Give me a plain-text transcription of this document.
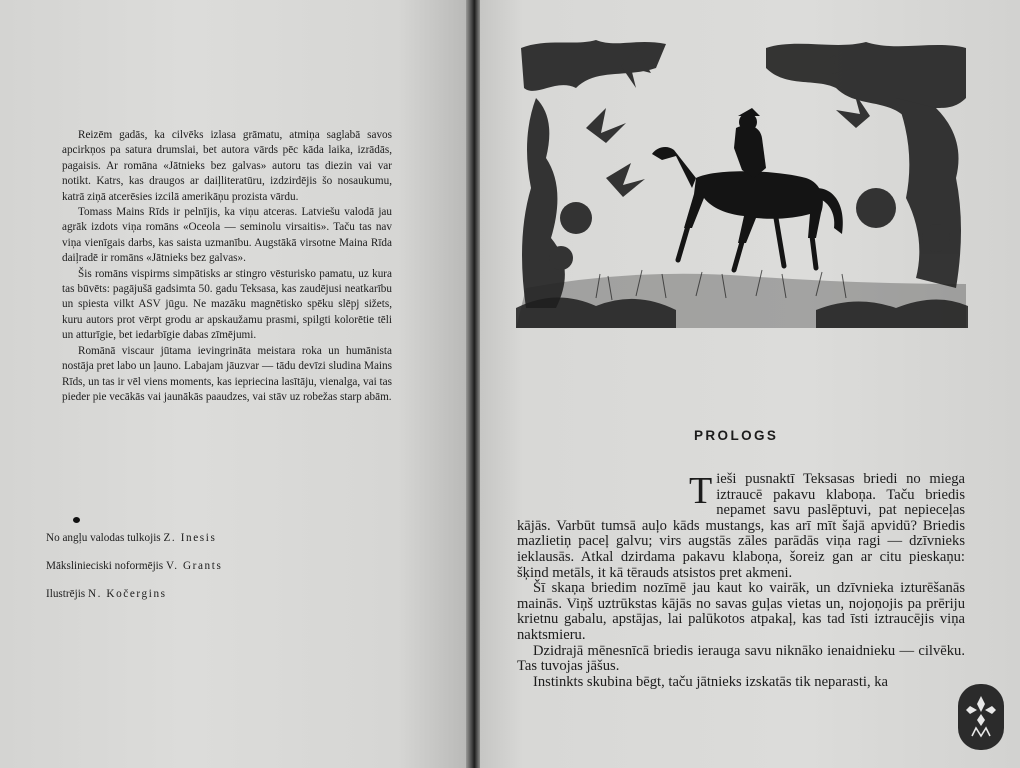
Reizēm gadās, ka cilvēks izlasa grāmatu, atmiņa saglabā savos apcirkņos pa satura drumslai, bet autora vārds pēc kāda laika, izrādās, pagaisis. Ar romāna «Jātnieks bez galvas» autoru tas diezin vai var notikt. Katrs, kas draugos ar daiļliteratūru, izdzirdējis šo nosaukumu, katrā ziņā atcerēsies izcilā amerikāņu prozista vārdu.

Tomass Mains Rīds ir pelnījis, ka viņu atceras. Latviešu valodā jau agrāk izdots viņa romāns «Oceola — seminolu virsaitis». Taču tas nav viņa vienīgais darbs, kas saista uzmanību. Augstākā virsotne Maina Rīda daiļradē ir romāns «Jātnieks bez galvas».

Šis romāns vispirms simpātisks ar stingro vēsturisko pamatu, uz kura tas būvēts: pagājušā gadsimta 50. gadu Teksasa, kas zaudējusi neatkarību un spiesta vilkt ASV jūgu. Ne mazāku magnētisko spēku slēpj sižets, kuru autors prot vērpt grodu ar apskaužamu prasmi, spilgti kolorētie tēli un atturīgie, bet iedarbīgie dabas zīmējumi.

Romānā viscaur jūtama ievingrināta meistara roka un humānista nostāja pret labo un ļauno. Labajam jāuzvar — tādu devīzi sludina Mains Rīds, un tas ir vēl viens moments, kas iepriecina lasītāju, vienalga, vai tas pieder pie vecākās vai jaunākās paaudzes, vai stāv uz robežas starp abām.

No angļu valodas tulkojis Z. Inesis
Mākslinieciski noformējis V. Grants
Ilustrējis N. Kočergins
PROLOGS

Tieši pusnaktī Teksasas briedi no miega iztraucē pakavu klaboņa. Taču briedis nepamet savu paslēptuvi, pat nepieceļas kājās. Varbūt tumsā auļo kāds mustangs, kas arī mīt šajā apvidū? Briedis mazlietiņ paceļ galvu; virs augstās zāles parādās viņa ragi — dzīvnieks ieklausās. Atkal dzirdama pakavu klaboņa, šoreiz gan ar citu pieskaņu: šķind metāls, it kā tērauds atsistos pret akmeni.

Šī skaņa briedim nozīmē jau kaut ko vairāk, un dzīvnieka izturēšanās mainās. Viņš uztrūkstas kājās no savas guļas vietas un, nojoņojis pa prēriju krietnu gabalu, apstājas, lai palūkotos atpakaļ, kas tad īsti iztraucējis viņa naktsmieru.

Dzidrajā mēnesnīcā briedis ierauga savu niknāko ienaidnieku — cilvēku. Tas tuvojas jāšus.

Instinkts skubina bēgt, taču jātnieks izskatās tik neparasti, ka
